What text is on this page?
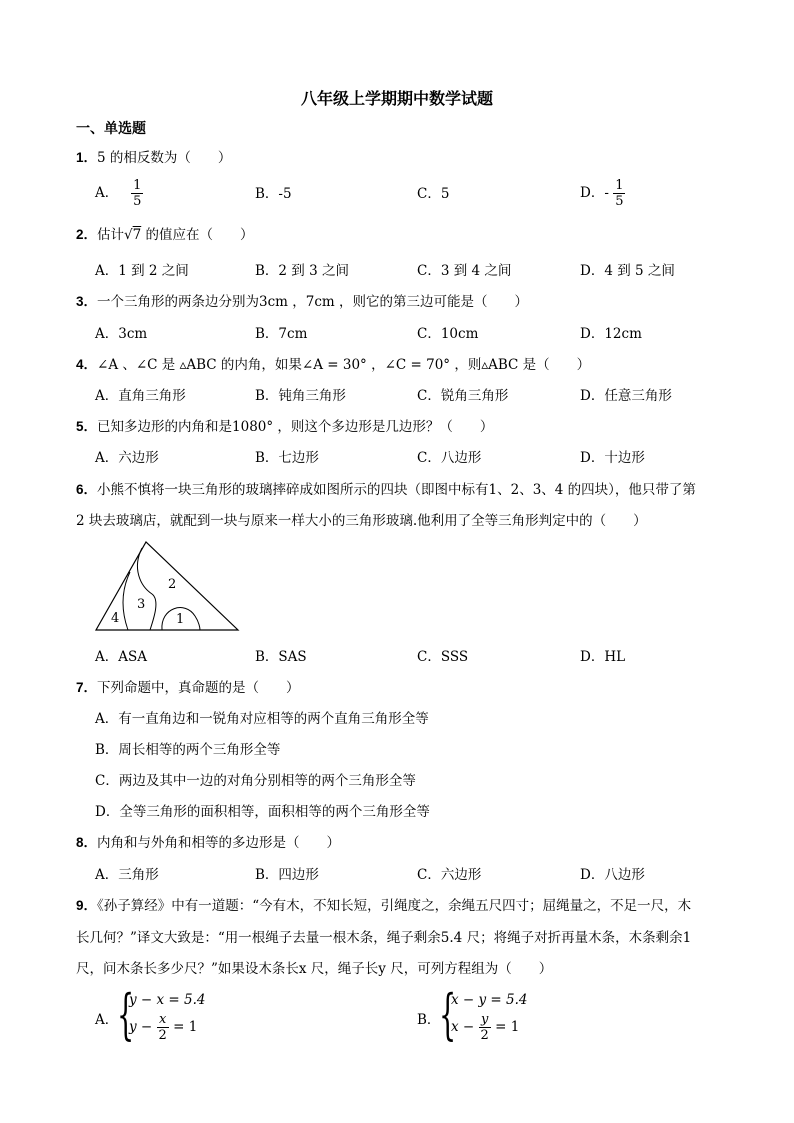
八年级上学期期中数学试题
一、单选题
1．5 的相反数为（　　）
A． $\frac{1}{5}$	B．-5	C．5	D．- $\frac{1}{5}$
2．估计√7 的值应在（　　）
A．1 到 2 之间	B．2 到 3 之间	C．3 到 4 之间	D．4 到 5 之间
3．一个三角形的两条边分别为3cm ，7cm ，则它的第三边可能是（　　）
A．3cm	B．7cm	C．10cm	D．12cm
4．∠A 、∠C 是 ▵ABC 的内角，如果∠A = 30° ，∠C = 70° ，则▵ABC 是（　　）
A．直角三角形	B．钝角三角形	C．锐角三角形	D．任意三角形
5．已知多边形的内角和是1080° ，则这个多边形是几边形？（　　）
A．六边形	B．七边形	C．八边形	D．十边形
6．小熊不慎将一块三角形的玻璃摔碎成如图所示的四块（即图中标有1、2、3、4 的四块），他只带了第
2 块去玻璃店，就配到一块与原来一样大小的三角形玻璃.他利用了全等三角形判定中的（　　）
2
3
4	1
A．ASA	B．SAS	C．SSS	D．HL
7．下列命题中，真命题的是（　　）
A．有一直角边和一锐角对应相等的两个直角三角形全等
B．周长相等的两个三角形全等
C．两边及其中一边的对角分别相等的两个三角形全等
D．全等三角形的面积相等，面积相等的两个三角形全等
8．内角和与外角和相等的多边形是（　　）
A．三角形	B．四边形	C．六边形	D．八边形
9．《孙子算经》中有一道题：“今有木，不知长短，引绳度之，余绳五尺四寸；屈绳量之，不足一尺，木
长几何？”译文大致是：“用一根绳子去量一根木条，绳子剩余5.4 尺；将绳子对折再量木条，木条剩余1
尺，问木条长多少尺？”如果设木条长x 尺，绳子长y 尺，可列方程组为（　　）
A．
{
y − x = 5.4
$y - \frac{x}{2} = 1$	B．
{
x − y = 5.4
$x - \frac{y}{2} = 1$
